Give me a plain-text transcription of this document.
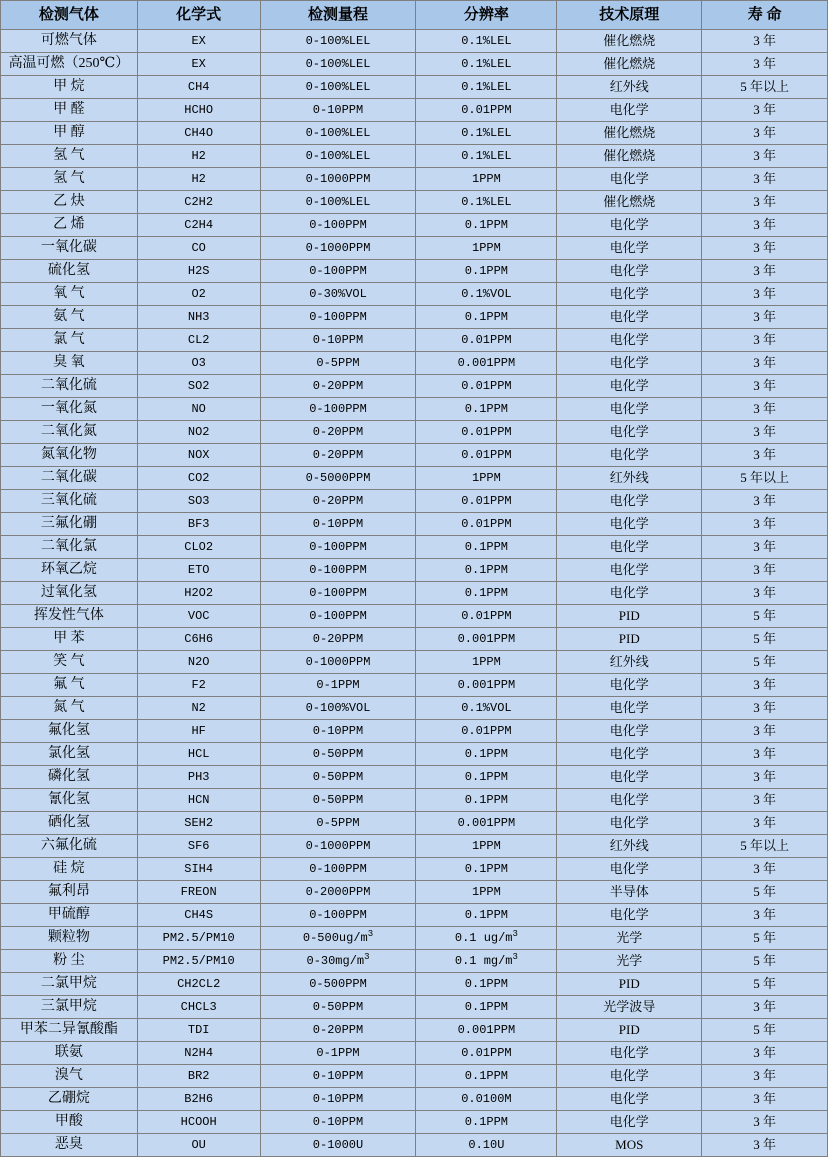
检测气体	化学式	检测量程	分辨率	技术原理	寿 命
可燃气体	EX	0-100%LEL	0.1%LEL	催化燃烧	3 年
高温可燃（250℃）	EX	0-100%LEL	0.1%LEL	催化燃烧	3 年
甲 烷	CH4	0-100%LEL	0.1%LEL	红外线	5 年以上
甲 醛	HCHO	0-10PPM	0.01PPM	电化学	3 年
甲 醇	CH4O	0-100%LEL	0.1%LEL	催化燃烧	3 年
氢 气	H2	0-100%LEL	0.1%LEL	催化燃烧	3 年
氢 气	H2	0-1000PPM	1PPM	电化学	3 年
乙 炔	C2H2	0-100%LEL	0.1%LEL	催化燃烧	3 年
乙 烯	C2H4	0-100PPM	0.1PPM	电化学	3 年
一氧化碳	CO	0-1000PPM	1PPM	电化学	3 年
硫化氢	H2S	0-100PPM	0.1PPM	电化学	3 年
氧 气	O2	0-30%VOL	0.1%VOL	电化学	3 年
氨 气	NH3	0-100PPM	0.1PPM	电化学	3 年
氯 气	CL2	0-10PPM	0.01PPM	电化学	3 年
臭 氧	O3	0-5PPM	0.001PPM	电化学	3 年
二氧化硫	SO2	0-20PPM	0.01PPM	电化学	3 年
一氧化氮	NO	0-100PPM	0.1PPM	电化学	3 年
二氧化氮	NO2	0-20PPM	0.01PPM	电化学	3 年
氮氧化物	NOX	0-20PPM	0.01PPM	电化学	3 年
二氧化碳	CO2	0-5000PPM	1PPM	红外线	5 年以上
三氧化硫	SO3	0-20PPM	0.01PPM	电化学	3 年
三氟化硼	BF3	0-10PPM	0.01PPM	电化学	3 年
二氧化氯	CLO2	0-100PPM	0.1PPM	电化学	3 年
环氧乙烷	ETO	0-100PPM	0.1PPM	电化学	3 年
过氧化氢	H2O2	0-100PPM	0.1PPM	电化学	3 年
挥发性气体	VOC	0-100PPM	0.01PPM	PID	5 年
甲 苯	C6H6	0-20PPM	0.001PPM	PID	5 年
笑 气	N2O	0-1000PPM	1PPM	红外线	5 年
氟 气	F2	0-1PPM	0.001PPM	电化学	3 年
氮 气	N2	0-100%VOL	0.1%VOL	电化学	3 年
氟化氢	HF	0-10PPM	0.01PPM	电化学	3 年
氯化氢	HCL	0-50PPM	0.1PPM	电化学	3 年
磷化氢	PH3	0-50PPM	0.1PPM	电化学	3 年
氰化氢	HCN	0-50PPM	0.1PPM	电化学	3 年
硒化氢	SEH2	0-5PPM	0.001PPM	电化学	3 年
六氟化硫	SF6	0-1000PPM	1PPM	红外线	5 年以上
硅 烷	SIH4	0-100PPM	0.1PPM	电化学	3 年
氟利昂	FREON	0-2000PPM	1PPM	半导体	5 年
甲硫醇	CH4S	0-100PPM	0.1PPM	电化学	3 年
颗粒物	PM2.5/PM10	$0-500ug/m^3$	0.1 $ug/m^3$	光学	5 年
粉 尘	PM2.5/PM10	$0-30mg/m^3$	0.1 $mg/m^3$	光学	5 年
二氯甲烷	CH2CL2	0-500PPM	0.1PPM	PID	5 年
三氯甲烷	CHCL3	0-50PPM	0.1PPM	光学波导	3 年
甲苯二异氰酸酯	TDI	0-20PPM	0.001PPM	PID	5 年
联氨	N2H4	0-1PPM	0.01PPM	电化学	3 年
溴气	BR2	0-10PPM	0.1PPM	电化学	3 年
乙硼烷	B2H6	0-10PPM	0.0100M	电化学	3 年
甲酸	HCOOH	0-10PPM	0.1PPM	电化学	3 年
恶臭	OU	0-1000U	0.10U	MOS	3 年
